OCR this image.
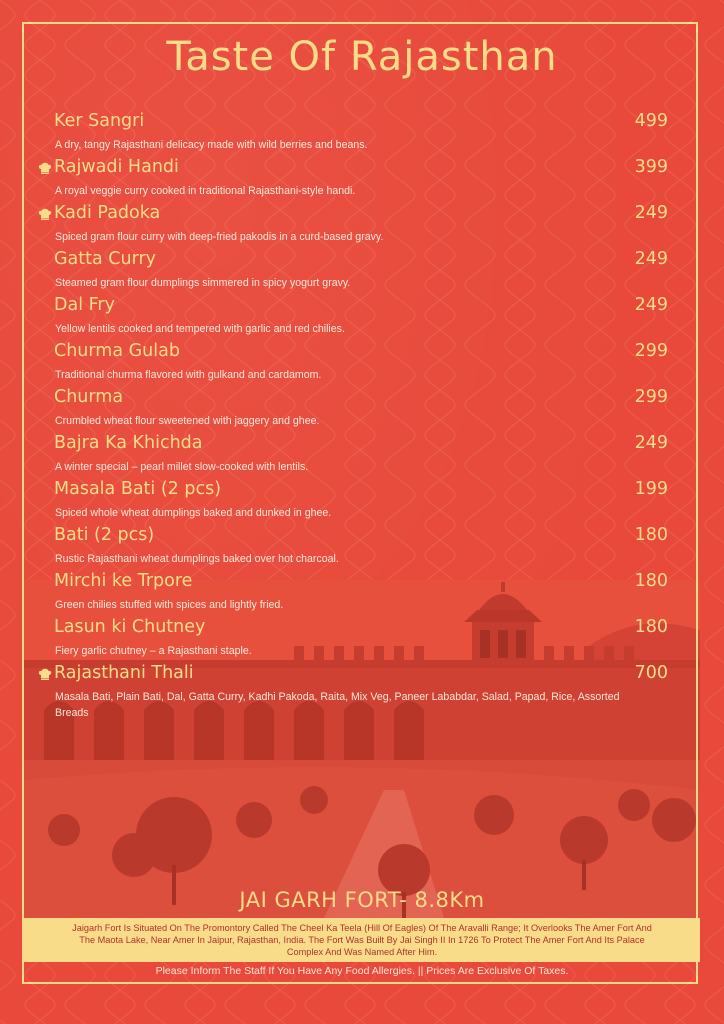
Taste Of Rajasthan
Ker Sangri	499
A dry, tangy Rajasthani delicacy made with wild berries and beans.
Rajwadi Handi	399
A royal veggie curry cooked in traditional Rajasthani-style handi.
Kadi Padoka	249
Spiced gram flour curry with deep-fried pakodis in a curd-based gravy.
Gatta Curry	249
Steamed gram flour dumplings simmered in spicy yogurt gravy.
Dal Fry	249
Yellow lentils cooked and tempered with garlic and red chilies.
Churma Gulab	299
Traditional churma flavored with gulkand and cardamom.
Churma	299
Crumbled wheat flour sweetened with jaggery and ghee.
Bajra Ka Khichda	249
A winter special – pearl millet slow-cooked with lentils.
Masala Bati (2 pcs)	199
Spiced whole wheat dumplings baked and dunked in ghee.
Bati (2 pcs)	180
Rustic Rajasthani wheat dumplings baked over hot charcoal.
Mirchi ke Trpore	180
Green chilies stuffed with spices and lightly fried.
Lasun ki Chutney	180
Fiery garlic chutney – a Rajasthani staple.
Rajasthani Thali	700
Masala Bati, Plain Bati, Dal, Gatta Curry, Kadhi Pakoda, Raita, Mix Veg, Paneer Lababdar, Salad, Papad, Rice, Assorted Breads
JAI GARH FORT- 8.8Km
Jaigarh Fort Is Situated On The Promontory Called The Cheel Ka Teela (Hill Of Eagles) Of The Aravalli Range; It Overlooks The Amer Fort And The Maota Lake, Near Amer In Jaipur, Rajasthan, India. The Fort Was Built By Jai Singh II In 1726 To Protect The Amer Fort And Its Palace Complex And Was Named After Him.
Please Inform The Staff If You Have Any Food Allergies. || Prices Are Exclusive Of Taxes.
